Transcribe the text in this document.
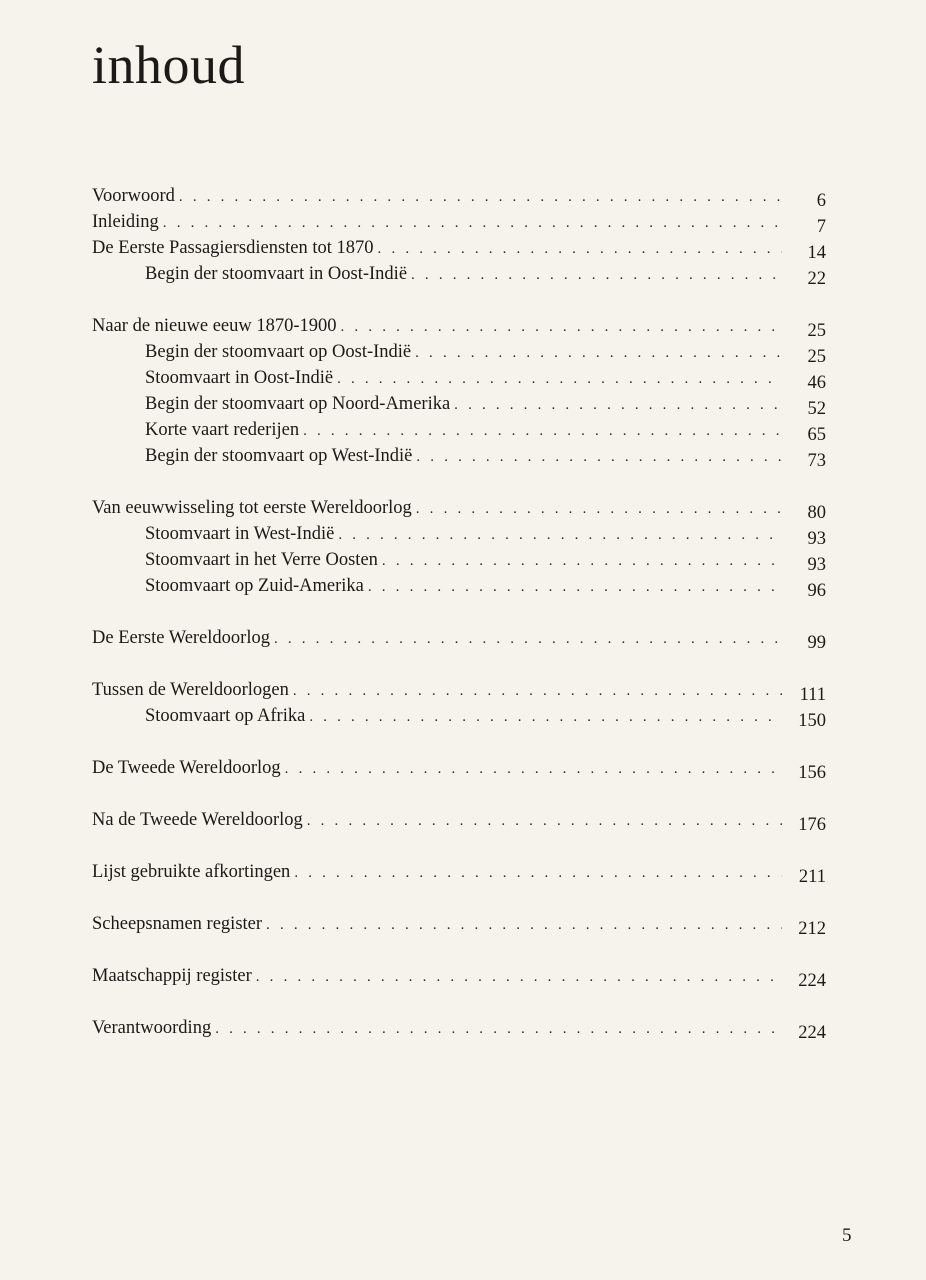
inhoud
Voorwoord . . .	6
Inleiding . . .	7
De Eerste Passagiersdiensten tot 1870 . . .	14
Begin der stoomvaart in Oost-Indië . . .	22
Naar de nieuwe eeuw 1870-1900 . . .	25
Begin der stoomvaart op Oost-Indië . . .	25
Stoomvaart in Oost-Indië . . .	46
Begin der stoomvaart op Noord-Amerika . . .	52
Korte vaart rederijen . . .	65
Begin der stoomvaart op West-Indië . . .	73
Van eeuwwisseling tot eerste Wereldoorlog . . .	80
Stoomvaart in West-Indië . . .	93
Stoomvaart in het Verre Oosten . . .	93
Stoomvaart op Zuid-Amerika . . .	96
De Eerste Wereldoorlog . . .	99
Tussen de Wereldoorlogen . . .	111
Stoomvaart op Afrika . . .	150
De Tweede Wereldoorlog . . .	156
Na de Tweede Wereldoorlog . . .	176
Lijst gebruikte afkortingen . . .	211
Scheepsnamen register . . .	212
Maatschappij register . . .	224
Verantwoording . . .	224
5
